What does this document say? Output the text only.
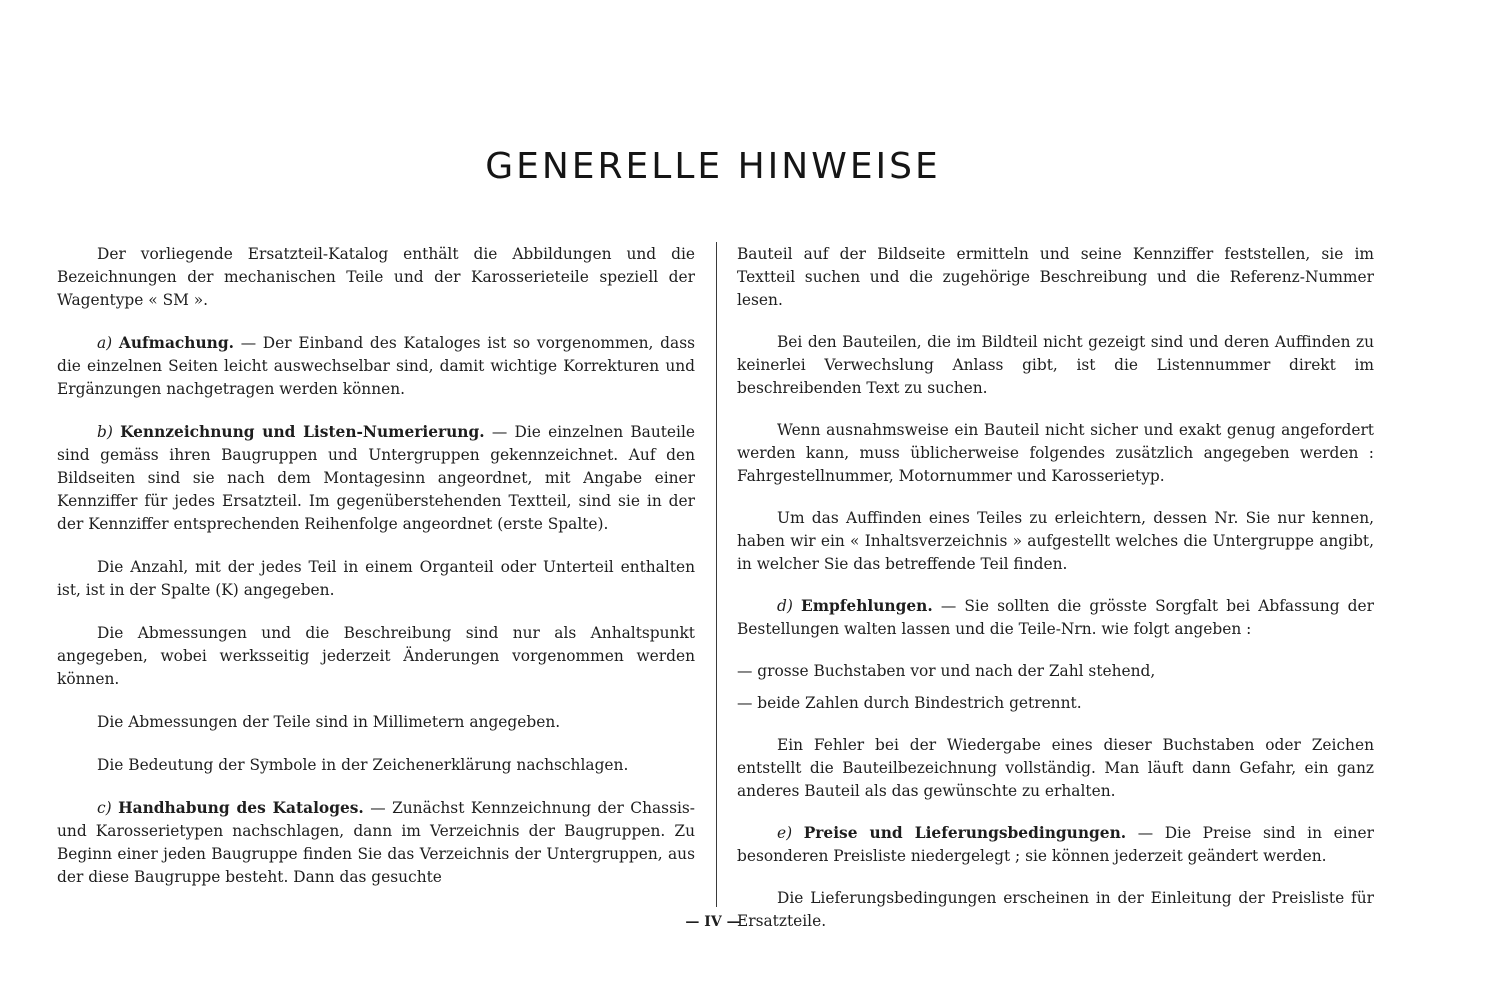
GENERELLE HINWEISE

Der vorliegende Ersatzteil-Katalog enthält die Abbildungen und die Bezeichnungen der mechanischen Teile und der Karosserieteile speziell der Wagentype « SM ».

a) Aufmachung. — Der Einband des Kataloges ist so vorgenommen, dass die einzelnen Seiten leicht auswechselbar sind, damit wichtige Korrekturen und Ergänzungen nachgetragen werden können.

b) Kennzeichnung und Listen-Numerierung. — Die einzelnen Bauteile sind gemäss ihren Baugruppen und Untergruppen gekennzeichnet. Auf den Bildseiten sind sie nach dem Montagesinn angeordnet, mit Angabe einer Kennziffer für jedes Ersatzteil. Im gegenüberstehenden Textteil, sind sie in der der Kennziffer entsprechenden Reihenfolge angeordnet (erste Spalte).

Die Anzahl, mit der jedes Teil in einem Organteil oder Unterteil enthalten ist, ist in der Spalte (K) angegeben.

Die Abmessungen und die Beschreibung sind nur als Anhaltspunkt angegeben, wobei werksseitig jederzeit Änderungen vorgenommen werden können.

Die Abmessungen der Teile sind in Millimetern angegeben.

Die Bedeutung der Symbole in der Zeichenerklärung nachschlagen.

c) Handhabung des Kataloges. — Zunächst Kennzeichnung der Chassis- und Karosserietypen nachschlagen, dann im Verzeichnis der Baugruppen. Zu Beginn einer jeden Baugruppe finden Sie das Verzeichnis der Untergruppen, aus der diese Baugruppe besteht. Dann das gesuchte

Bauteil auf der Bildseite ermitteln und seine Kennziffer feststellen, sie im Textteil suchen und die zugehörige Beschreibung und die Referenz-Nummer lesen.

Bei den Bauteilen, die im Bildteil nicht gezeigt sind und deren Auffinden zu keinerlei Verwechslung Anlass gibt, ist die Listennummer direkt im beschreibenden Text zu suchen.

Wenn ausnahmsweise ein Bauteil nicht sicher und exakt genug angefordert werden kann, muss üblicherweise folgendes zusätzlich angegeben werden : Fahrgestellnummer, Motornummer und Karosserietyp.

Um das Auffinden eines Teiles zu erleichtern, dessen Nr. Sie nur kennen, haben wir ein « Inhaltsverzeichnis » aufgestellt welches die Untergruppe angibt, in welcher Sie das betreffende Teil finden.

d) Empfehlungen. — Sie sollten die grösste Sorgfalt bei Abfassung der Bestellungen walten lassen und die Teile-Nrn. wie folgt angeben :

— grosse Buchstaben vor und nach der Zahl stehend,

— beide Zahlen durch Bindestrich getrennt.

Ein Fehler bei der Wiedergabe eines dieser Buchstaben oder Zeichen entstellt die Bauteilbezeichnung vollständig. Man läuft dann Gefahr, ein ganz anderes Bauteil als das gewünschte zu erhalten.

e) Preise und Lieferungsbedingungen. — Die Preise sind in einer besonderen Preisliste niedergelegt ; sie können jederzeit geändert werden.

Die Lieferungsbedingungen erscheinen in der Einleitung der Preisliste für Ersatzteile.

— IV —
